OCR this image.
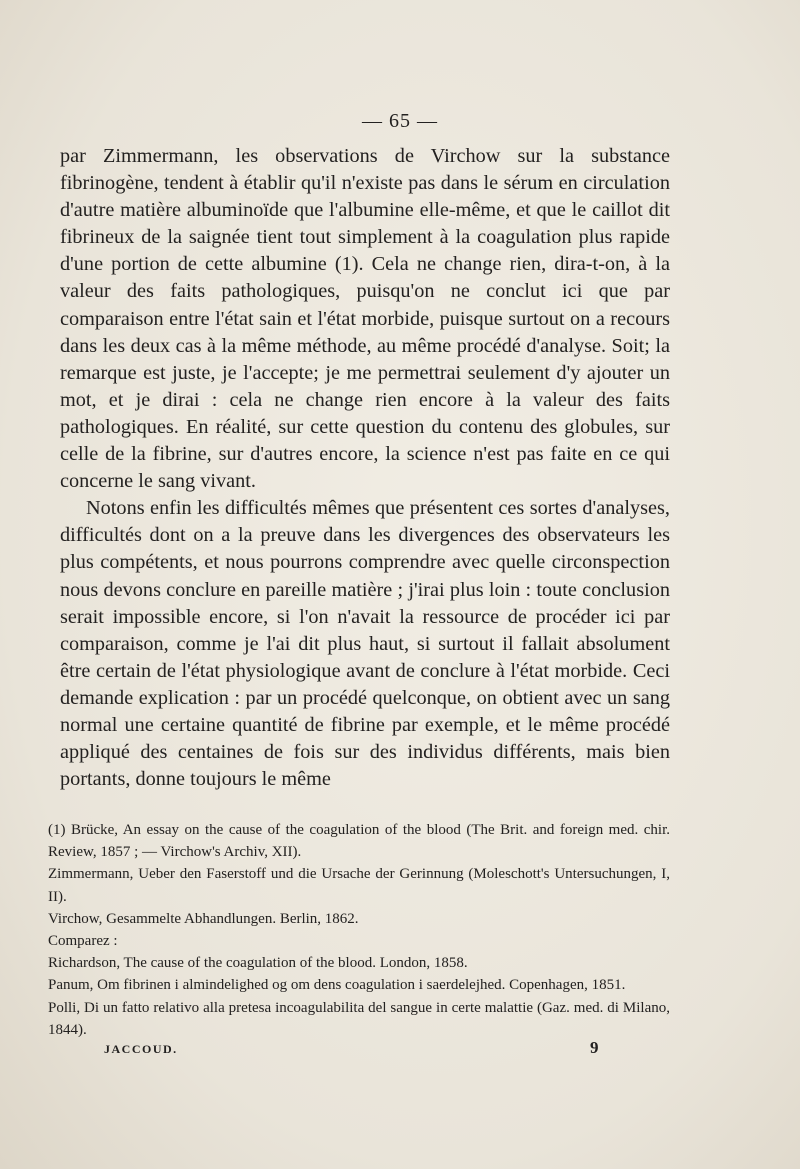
— 65 —

par Zimmermann, les observations de Virchow sur la substance fibrinogène, tendent à établir qu'il n'existe pas dans le sérum en circulation d'autre matière albuminoïde que l'albumine elle-même, et que le caillot dit fibrineux de la saignée tient tout simplement à la coagulation plus rapide d'une portion de cette albumine (1). Cela ne change rien, dira-t-on, à la valeur des faits pathologiques, puisqu'on ne conclut ici que par comparaison entre l'état sain et l'état morbide, puisque surtout on a recours dans les deux cas à la même méthode, au même procédé d'analyse. Soit; la remarque est juste, je l'accepte; je me permettrai seulement d'y ajouter un mot, et je dirai : cela ne change rien encore à la valeur des faits pathologiques. En réalité, sur cette question du contenu des globules, sur celle de la fibrine, sur d'autres encore, la science n'est pas faite en ce qui concerne le sang vivant.

Notons enfin les difficultés mêmes que présentent ces sortes d'analyses, difficultés dont on a la preuve dans les divergences des observateurs les plus compétents, et nous pourrons comprendre avec quelle circonspection nous devons conclure en pareille matière ; j'irai plus loin : toute conclusion serait impossible encore, si l'on n'avait la ressource de procéder ici par comparaison, comme je l'ai dit plus haut, si surtout il fallait absolument être certain de l'état physiologique avant de conclure à l'état morbide. Ceci demande explication : par un procédé quelconque, on obtient avec un sang normal une certaine quantité de fibrine par exemple, et le même procédé appliqué des centaines de fois sur des individus différents, mais bien portants, donne toujours le même

(1) Brücke, An essay on the cause of the coagulation of the blood (The Brit. and foreign med. chir. Review, 1857 ; — Virchow's Archiv, XII).

Zimmermann, Ueber den Faserstoff und die Ursache der Gerinnung (Moleschott's Untersuchungen, I, II).

Virchow, Gesammelte Abhandlungen. Berlin, 1862.

Comparez :

Richardson, The cause of the coagulation of the blood. London, 1858.

Panum, Om fibrinen i almindelighed og om dens coagulation i saerdelejhed. Copenhagen, 1851.

Polli, Di un fatto relativo alla pretesa incoagulabilita del sangue in certe malattie (Gaz. med. di Milano, 1844).

JACCOUD.	9
